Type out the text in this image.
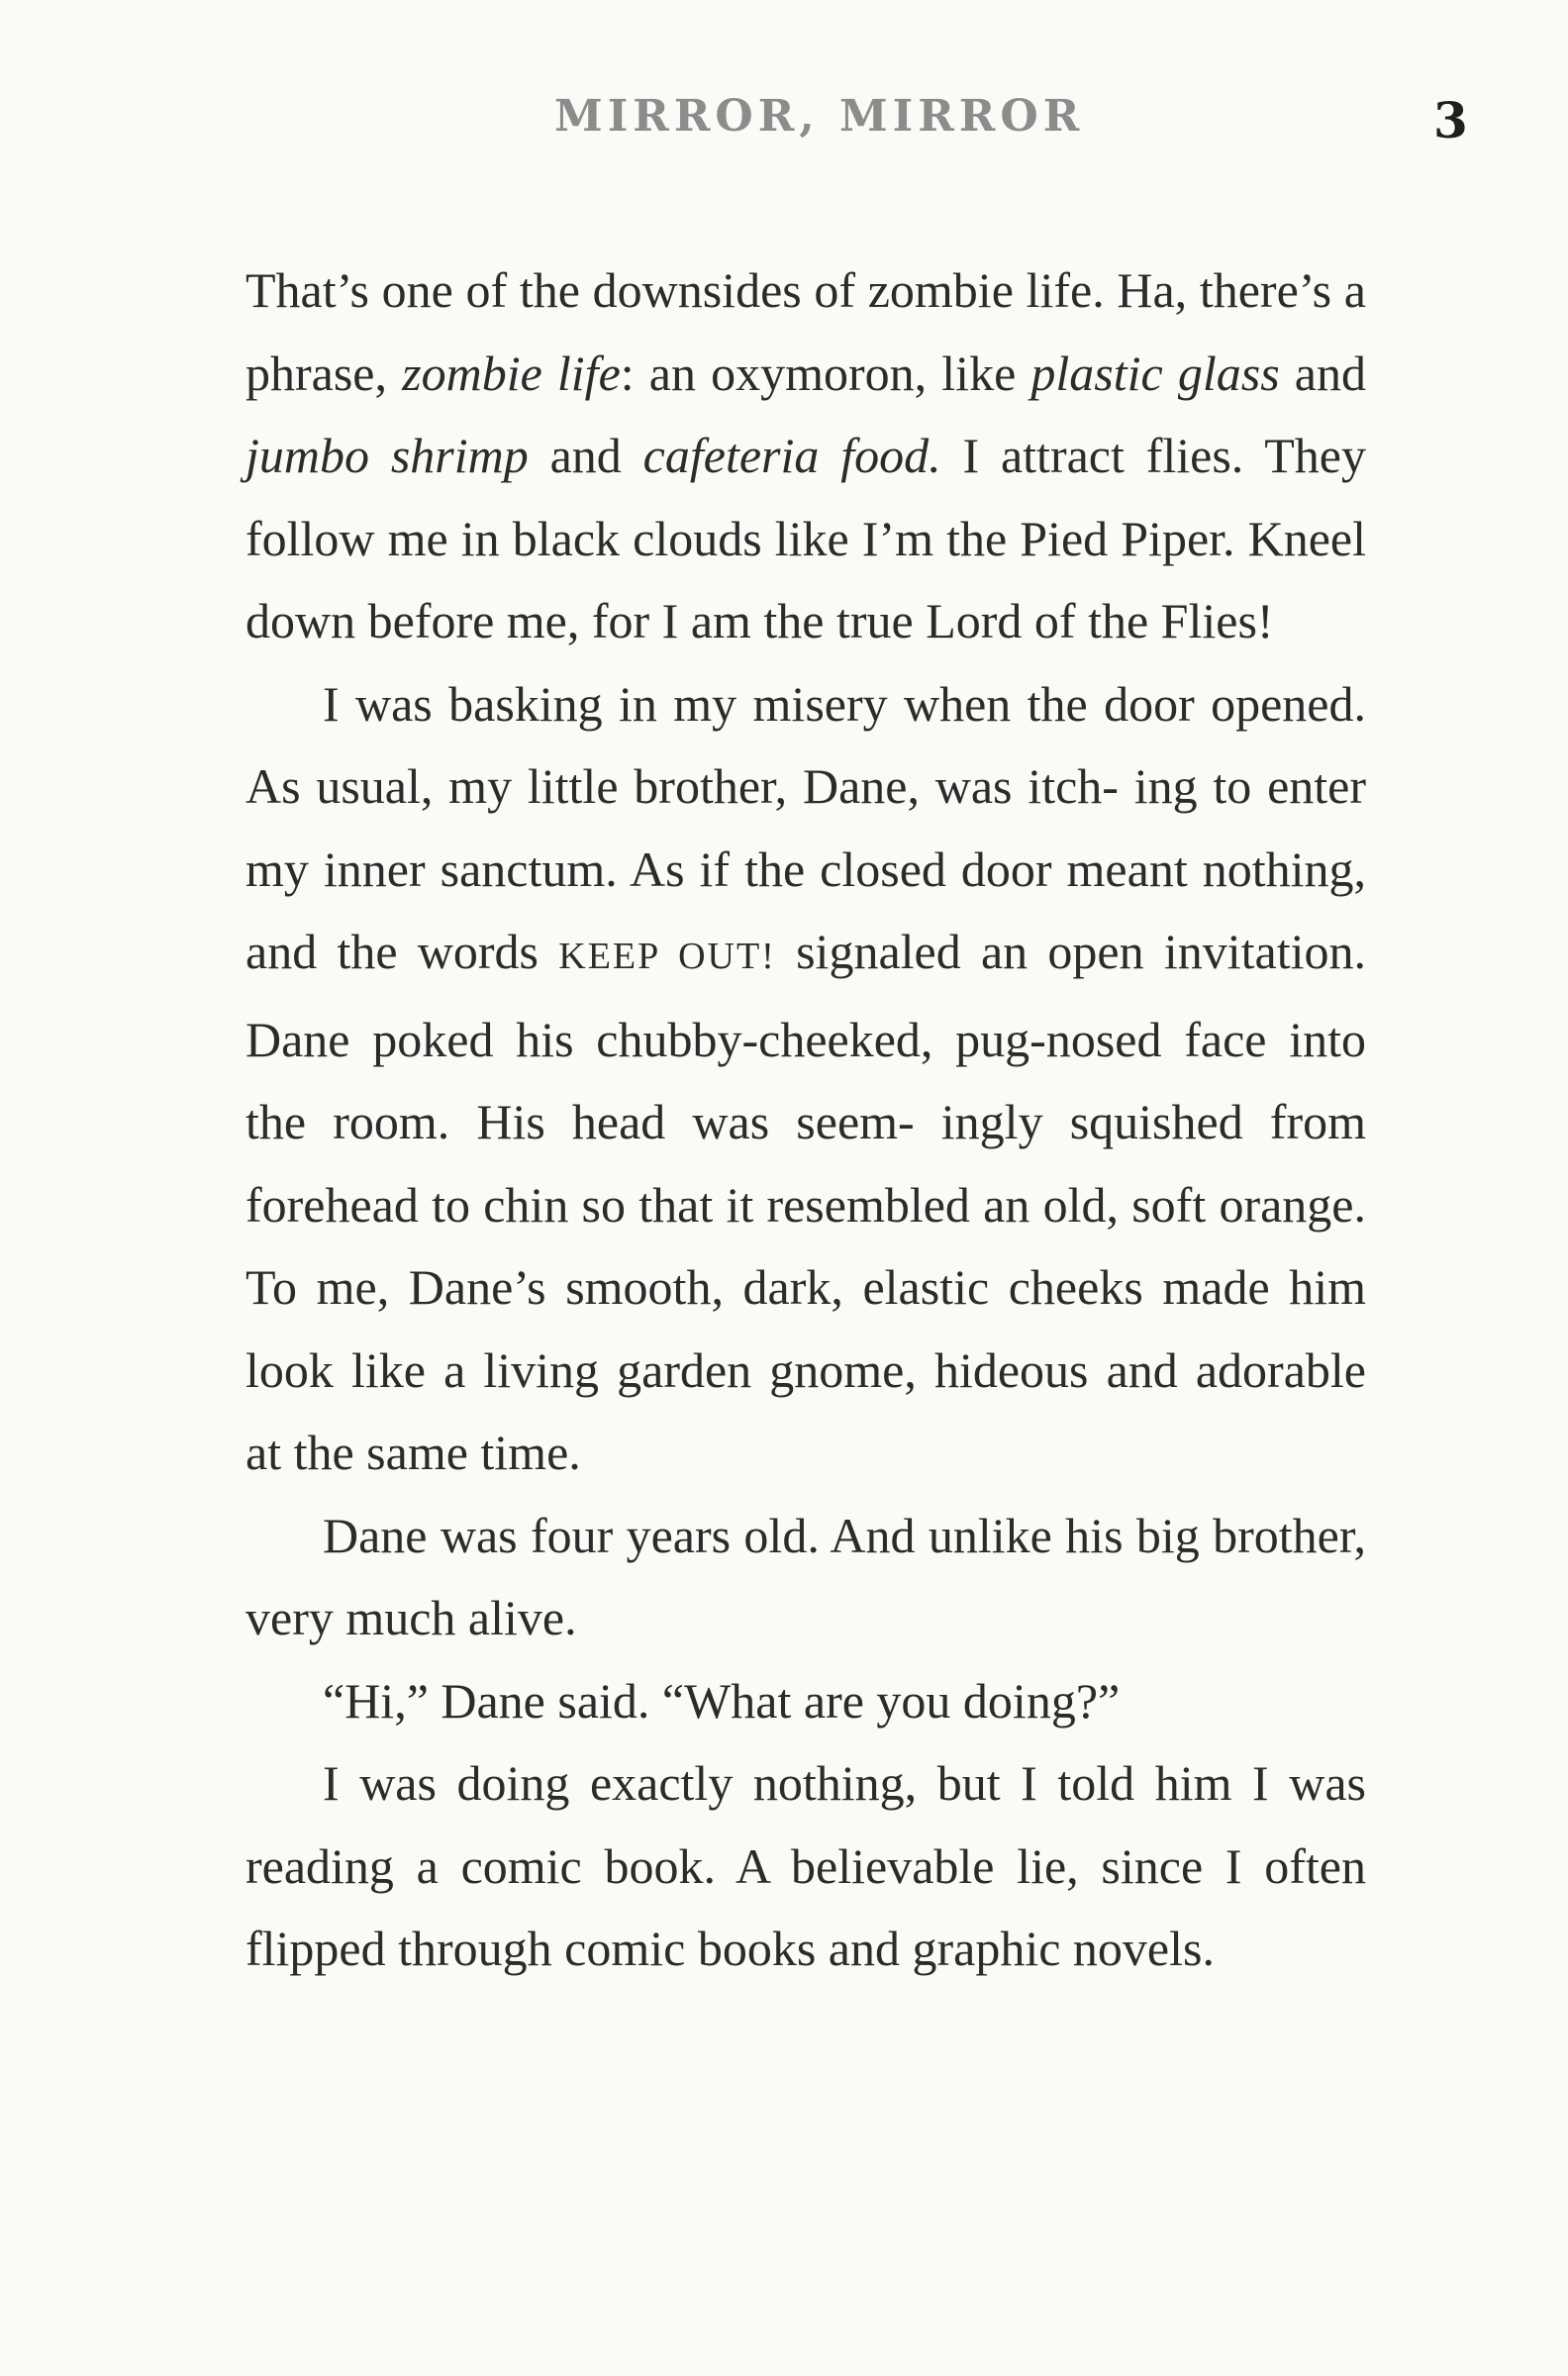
MIRROR, MIRROR	3

That’s one of the downsides of zombie life. Ha, there’s a phrase, zombie life: an oxymoron, like plastic glass and jumbo shrimp and cafeteria food. I attract flies. They follow me in black clouds like I’m the Pied Piper. Kneel down before me, for I am the true Lord of the Flies!

I was basking in my misery when the door opened. As usual, my little brother, Dane, was itch- ing to enter my inner sanctum. As if the closed door meant nothing, and the words KEEP OUT! signaled an open invitation. Dane poked his chubby-cheeked, pug-nosed face into the room. His head was seem- ingly squished from forehead to chin so that it resembled an old, soft orange. To me, Dane’s smooth, dark, elastic cheeks made him look like a living garden gnome, hideous and adorable at the same time.

Dane was four years old. And unlike his big brother, very much alive.

“Hi,” Dane said. “What are you doing?”

I was doing exactly nothing, but I told him I was reading a comic book. A believable lie, since I often flipped through comic books and graphic novels.
